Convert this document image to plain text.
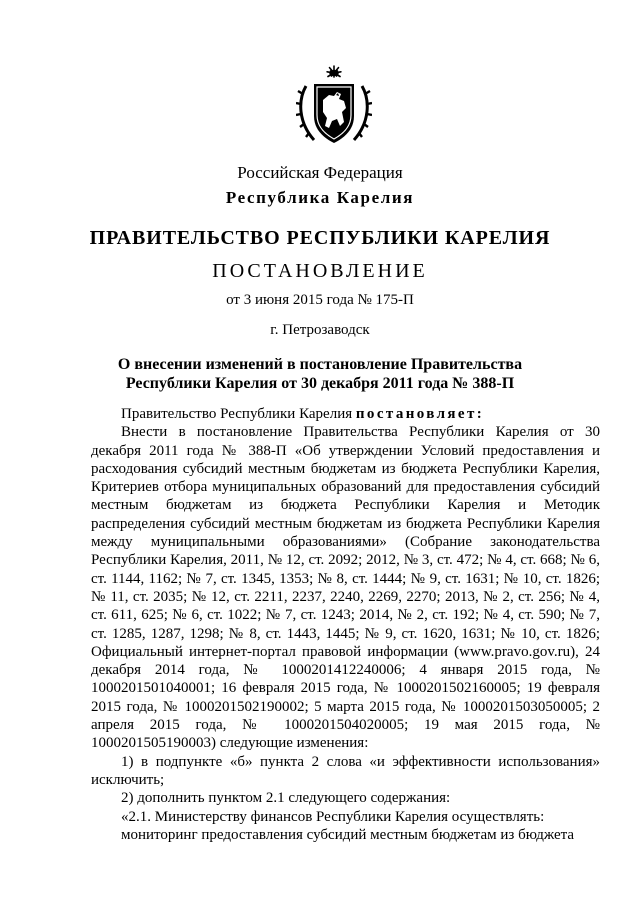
Российская Федерация
Республика Карелия
ПРАВИТЕЛЬСТВО РЕСПУБЛИКИ КАРЕЛИЯ
ПОСТАНОВЛЕНИЕ
от 3 июня 2015 года № 175-П
г. Петрозаводск
О внесении изменений в постановление Правительства
Республики Карелия от 30 декабря 2011 года № 388-П

Правительство Республики Карелия постановляет:

Внести в постановление Правительства Республики Карелия от 30 декабря 2011 года № 388-П «Об утверждении Условий предоставления и расходования субсидий местным бюджетам из бюджета Республики Карелия, Критериев отбора муниципальных образований для предоставления субсидий местным бюджетам из бюджета Республики Карелия и Методик распределения субсидий местным бюджетам из бюджета Республики Карелия между муниципальными образованиями» (Собрание законодательства Республики Карелия, 2011, № 12, ст. 2092; 2012, № 3, ст. 472; № 4, ст. 668; № 6, ст. 1144, 1162; № 7, ст. 1345, 1353; № 8, ст. 1444; № 9, ст. 1631; № 10, ст. 1826; № 11, ст. 2035; № 12, ст. 2211, 2237, 2240, 2269, 2270; 2013, № 2, ст. 256; № 4, ст. 611, 625; № 6, ст. 1022; № 7, ст. 1243; 2014, № 2, ст. 192; № 4, ст. 590; № 7, ст. 1285, 1287, 1298; № 8, ст. 1443, 1445; № 9, ст. 1620, 1631; № 10, ст. 1826; Официальный интернет-портал правовой информации (www.pravo.gov.ru), 24 декабря 2014 года, № 1000201412240006; 4 января 2015 года, № 1000201501040001; 16 февраля 2015 года, № 1000201502160005; 19 февраля 2015 года, № 1000201502190002; 5 марта 2015 года, № 1000201503050005; 2 апреля 2015 года, № 1000201504020005; 19 мая 2015 года, № 1000201505190003) следующие изменения:

1) в подпункте «б» пункта 2 слова «и эффективности использования» исключить;

2) дополнить пунктом 2.1 следующего содержания:

«2.1. Министерству финансов Республики Карелия осуществлять:

мониторинг предоставления субсидий местным бюджетам из бюджета
